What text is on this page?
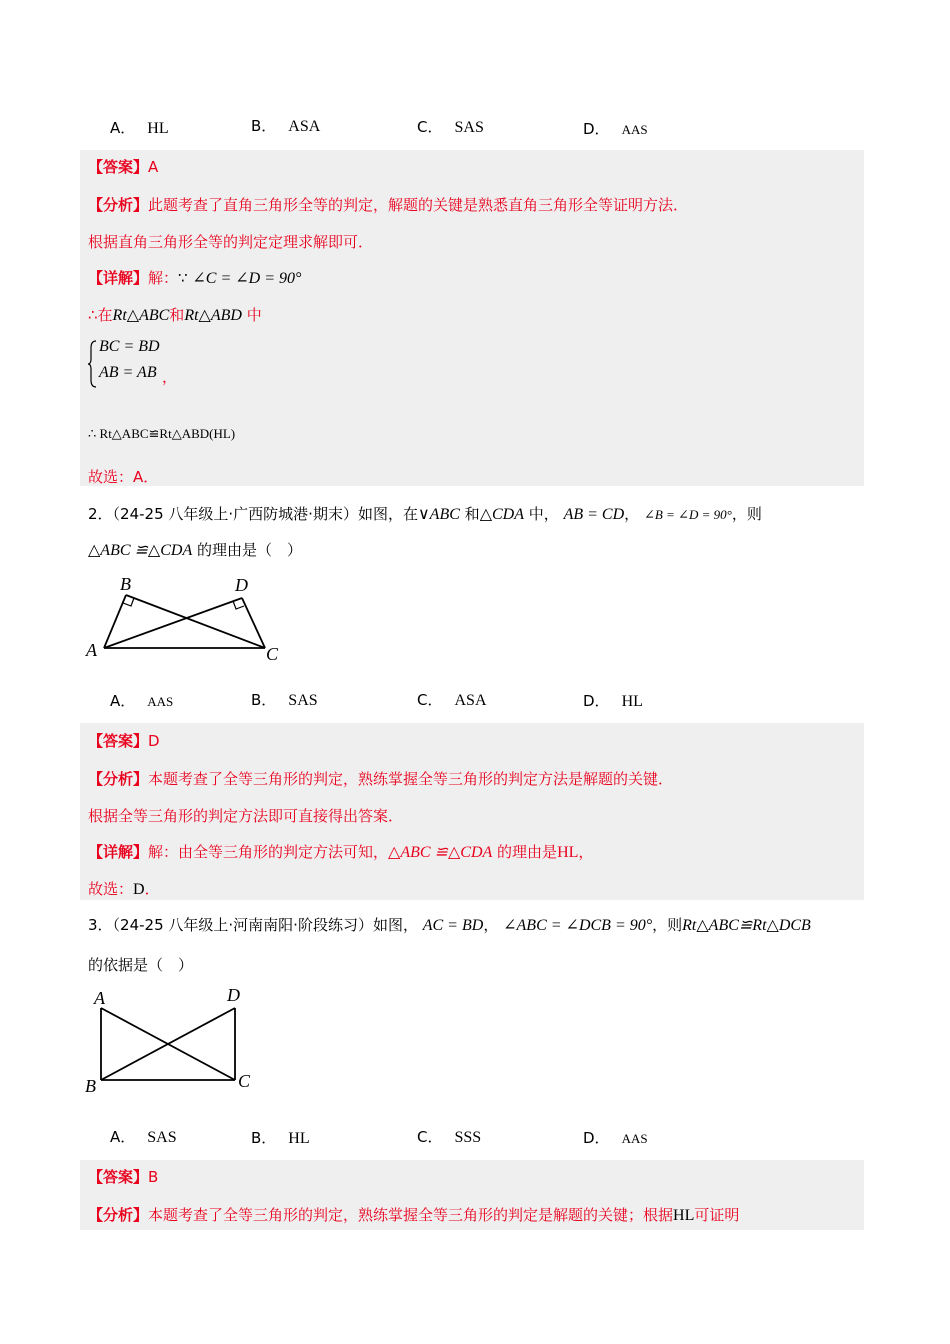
A． HL	B． ASA	C． SAS	D． AAS
【答案】A
【分析】此题考查了直角三角形全等的判定，解题的关键是熟悉直角三角形全等证明方法．
根据直角三角形全等的判定定理求解即可．
【详解】解：∵ ∠C = ∠D = 90°
∴在Rt△ABC和Rt△ABD 中
BC = BD
AB = AB ，
∴ Rt△ABC≌Rt△ABD(HL)
故选：A．
2．（24-25 八年级上·广西防城港·期末）如图，在∨ABC 和△CDA 中， AB = CD， ∠B = ∠D = 90°，则
△ABC ≌△CDA 的理由是（　）
B	D
A	C
A． AAS	B． SAS	C． ASA	D． HL
【答案】D
【分析】本题考查了全等三角形的判定，熟练掌握全等三角形的判定方法是解题的关键．
根据全等三角形的判定方法即可直接得出答案．
【详解】解：由全等三角形的判定方法可知，△ABC ≌△CDA 的理由是HL，
故选：D．
3．（24-25 八年级上·河南南阳·阶段练习）如图， AC = BD， ∠ABC = ∠DCB = 90°，则Rt△ABC≌Rt△DCB
的依据是（　）
A	D
B	C
A． SAS	B． HL	C． SSS	D． AAS
【答案】B
【分析】本题考查了全等三角形的判定，熟练掌握全等三角形的判定是解题的关键；根据HL可证明
